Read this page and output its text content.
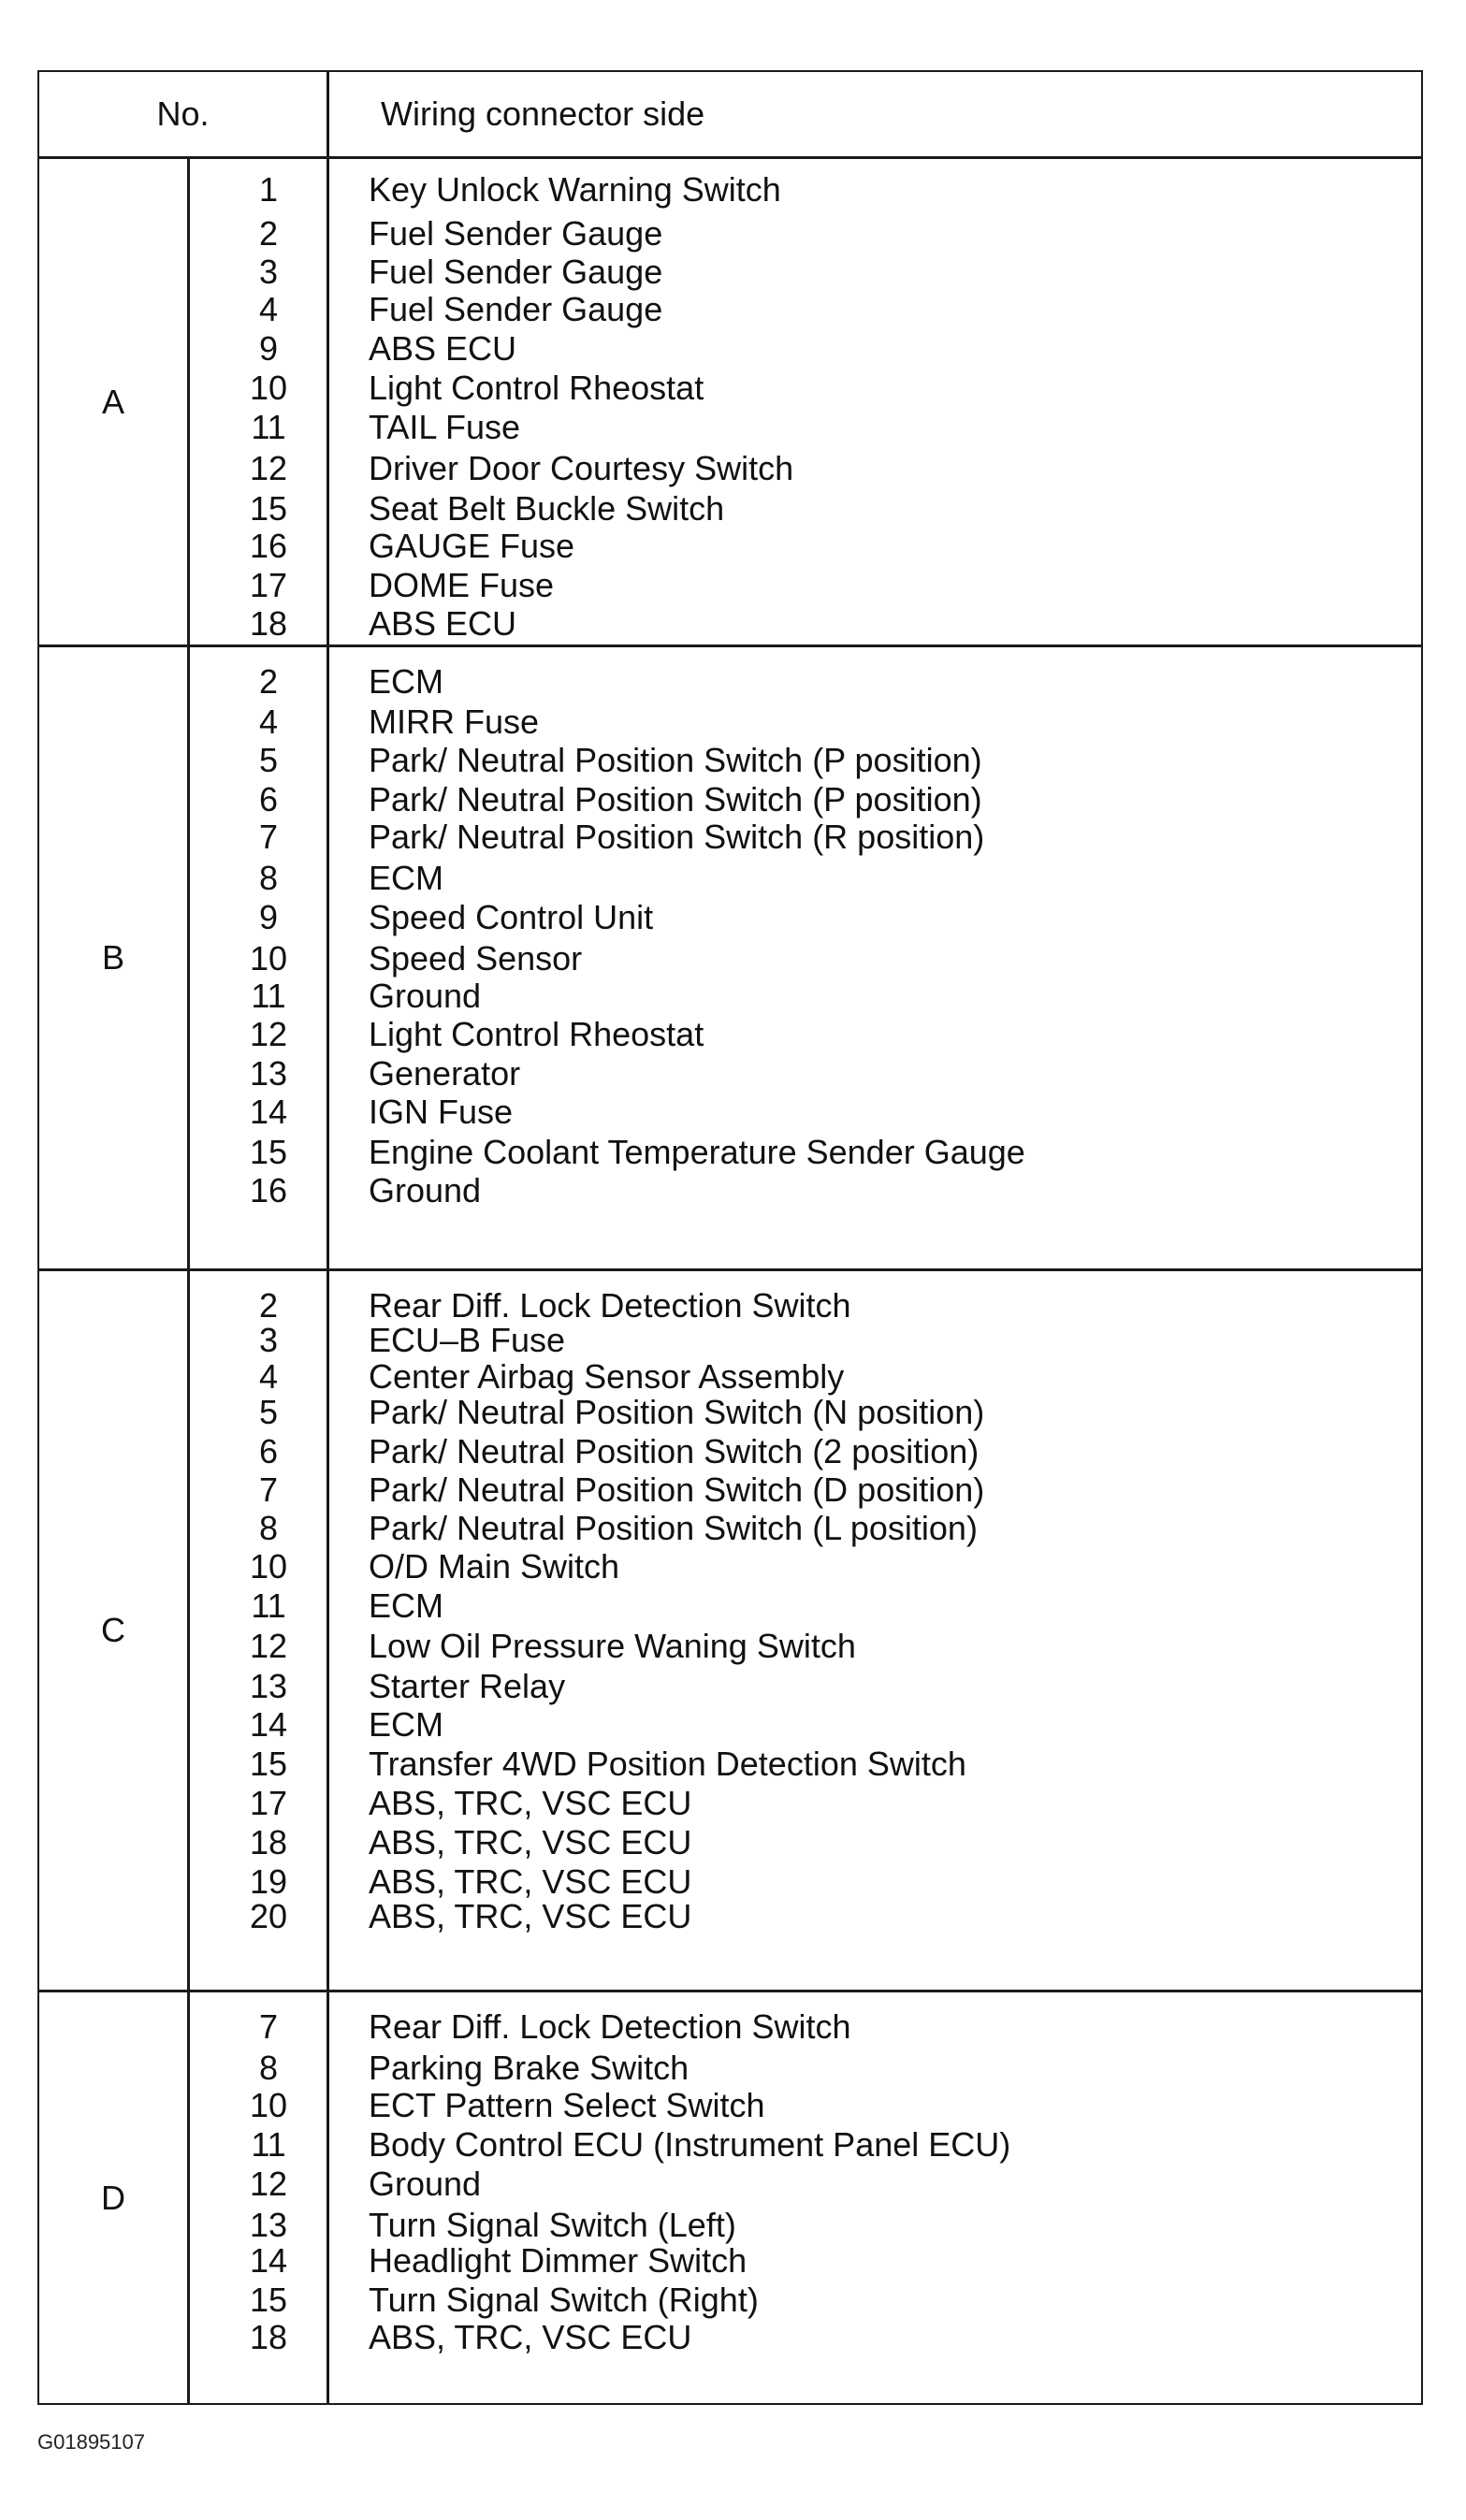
No.	Wiring connector side
A
1	Key Unlock Warning Switch
2	Fuel Sender Gauge
3	Fuel Sender Gauge
4	Fuel Sender Gauge
9	ABS ECU
10	Light Control Rheostat
11	TAIL Fuse
12	Driver Door Courtesy Switch
15	Seat Belt Buckle Switch
16	GAUGE Fuse
17	DOME Fuse
18	ABS ECU
B
2	ECM
4	MIRR Fuse
5	Park/ Neutral Position Switch (P position)
6	Park/ Neutral Position Switch (P position)
7	Park/ Neutral Position Switch (R position)
8	ECM
9	Speed Control Unit
10	Speed Sensor
11	Ground
12	Light Control Rheostat
13	Generator
14	IGN Fuse
15	Engine Coolant Temperature Sender Gauge
16	Ground
C
2	Rear Diff. Lock Detection Switch
3	ECU–B Fuse
4	Center Airbag Sensor Assembly
5	Park/ Neutral Position Switch (N position)
6	Park/ Neutral Position Switch (2 position)
7	Park/ Neutral Position Switch (D position)
8	Park/ Neutral Position Switch (L position)
10	O/D Main Switch
11	ECM
12	Low Oil Pressure Waning Switch
13	Starter Relay
14	ECM
15	Transfer 4WD Position Detection Switch
17	ABS, TRC, VSC ECU
18	ABS, TRC, VSC ECU
19	ABS, TRC, VSC ECU
20	ABS, TRC, VSC ECU
D
7	Rear Diff. Lock Detection Switch
8	Parking Brake Switch
10	ECT Pattern Select Switch
11	Body Control ECU (Instrument Panel ECU)
12	Ground
13	Turn Signal Switch (Left)
14	Headlight Dimmer Switch
15	Turn Signal Switch (Right)
18	ABS, TRC, VSC ECU
G01895107
